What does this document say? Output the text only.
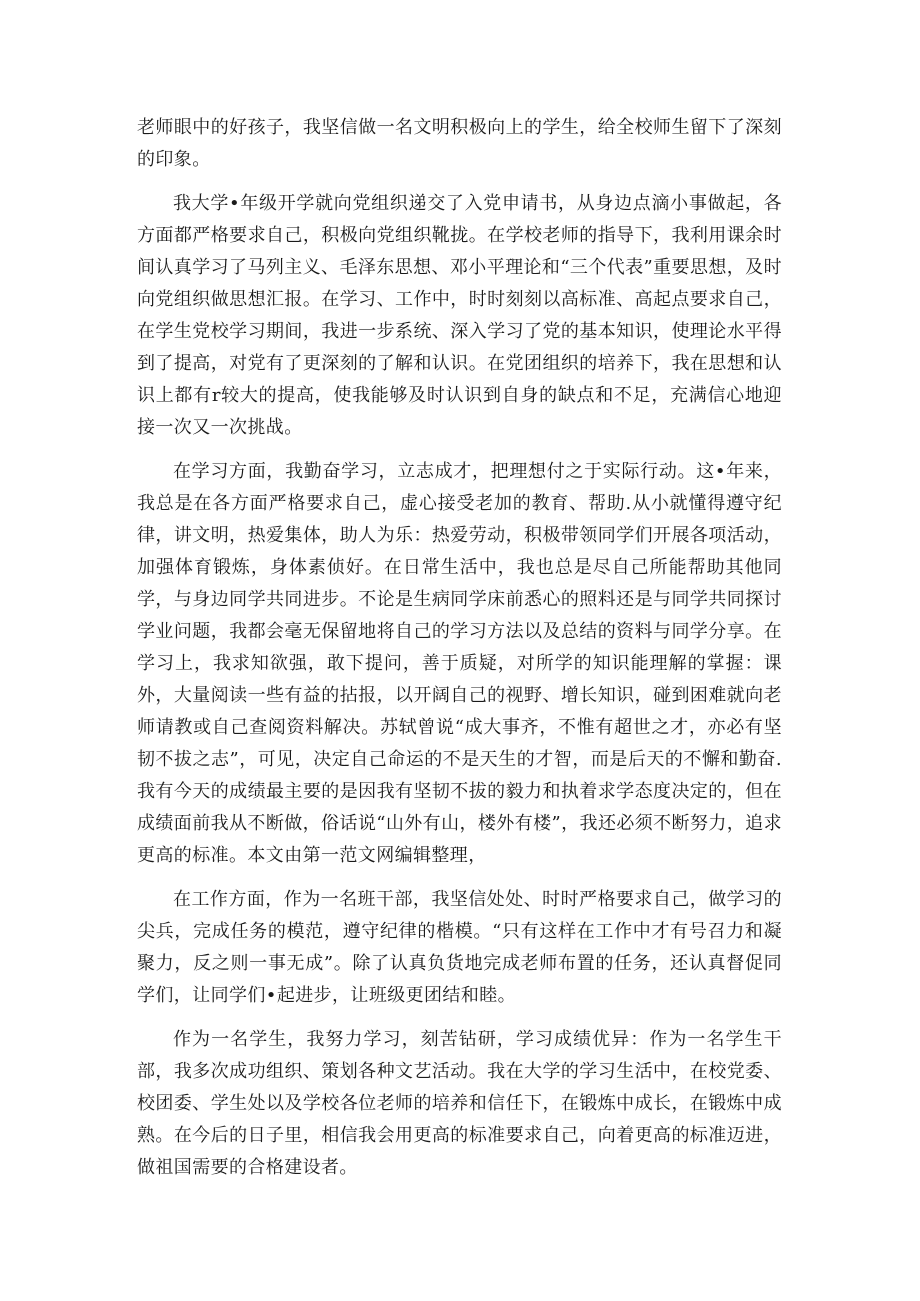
老师眼中的好孩子，我坚信做一名文明积极向上的学生，给全校师生留下了深刻的印象。

我大学•年级开学就向党组织递交了入党申请书，从身边点滴小事做起，各方面都严格要求自己，积极向党组织靴拢。在学校老师的指导下，我利用课余时间认真学习了马列主义、毛泽东思想、邓小平理论和“三个代表”重要思想，及时向党组织做思想汇报。在学习、工作中，时时刻刻以高标准、高起点要求自己，在学生党校学习期间，我进一步系统、深入学习了党的基本知识，使理论水平得到了提高，对党有了更深刻的了解和认识。在党团组织的培养下，我在思想和认识上都有r较大的提高，使我能够及时认识到自身的缺点和不足，充满信心地迎接一次又一次挑战。

在学习方面，我勤奋学习，立志成才，把理想付之于实际行动。这•年来，我总是在各方面严格要求自己，虚心接受老加的教育、帮助.从小就懂得遵守纪律，讲文明，热爱集体，助人为乐：热爱劳动，积极带领同学们开展各项活动，加强体育锻炼，身体素侦好。在日常生活中，我也总是尽自己所能帮助其他同学，与身边同学共同进步。不论是生病同学床前悉心的照料还是与同学共同探讨学业问题，我都会毫无保留地将自己的学习方法以及总结的资料与同学分享。在学习上，我求知欲强，敢下提问，善于质疑，对所学的知识能理解的掌握：课外，大量阅读一些有益的拈报，以开阔自己的视野、增长知识，碰到困难就向老师请教或自己查阅资料解决。苏轼曾说“成大事齐，不惟有超世之才，亦必有坚韧不拔之志”，可见，决定自己命运的不是天生的才智，而是后天的不懈和勤奋.我有今天的成绩最主要的是因我有坚韧不拔的毅力和执着求学态度决定的，但在成绩面前我从不断做，俗话说“山外有山，楼外有楼”，我还必须不断努力，追求更高的标准。本文由第一范文网编辑整理，

在工作方面，作为一名班干部，我坚信处处、时时严格要求自己，做学习的尖兵，完成任务的模范，遵守纪律的楷模。“只有这样在工作中才有号召力和凝聚力，反之则一事无成”。除了认真负货地完成老师布置的任务，还认真督促同学们，让同学们•起进步，让班级更团结和睦。

作为一名学生，我努力学习，刻苦钻研，学习成绩优异：作为一名学生干部，我多次成功组织、策划各种文艺活动。我在大学的学习生活中，在校党委、校团委、学生处以及学校各位老师的培养和信任下，在锻炼中成长，在锻炼中成熟。在今后的日子里，相信我会用更高的标准要求自己，向着更高的标准迈进，做祖国需要的合格建设者。
